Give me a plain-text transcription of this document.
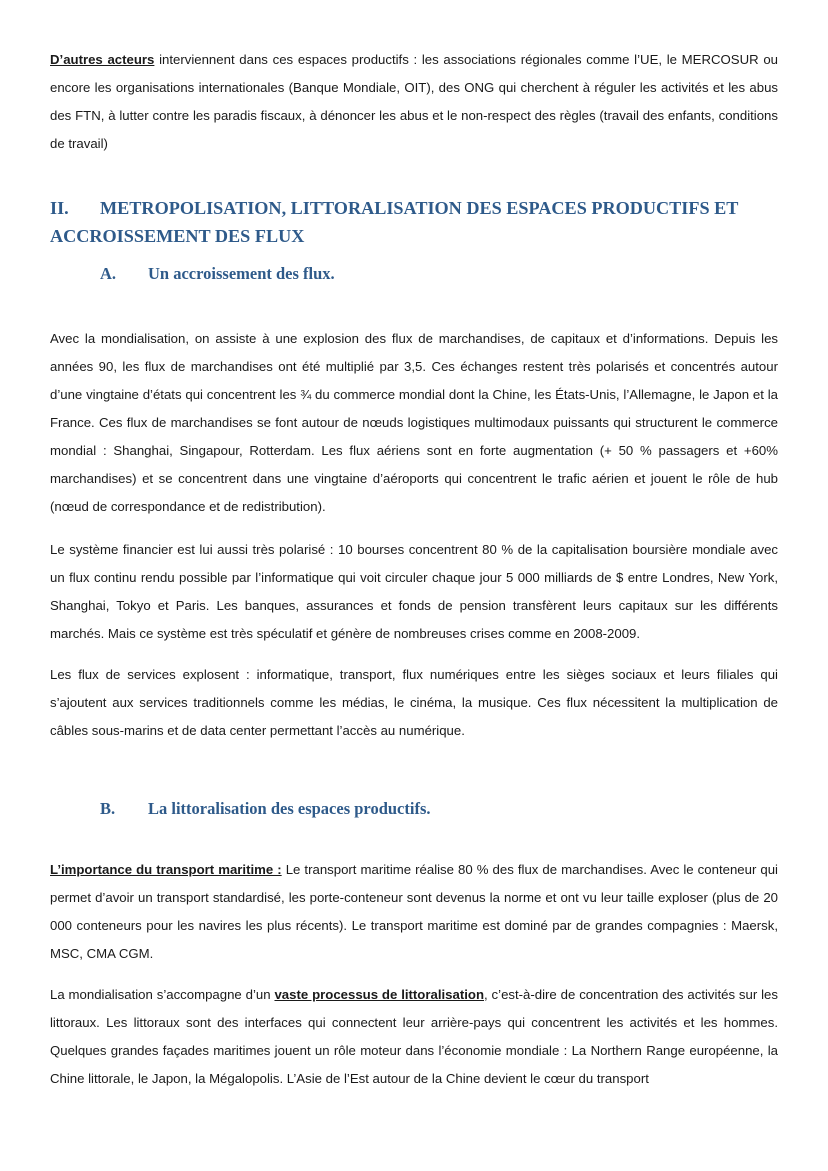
D’autres acteurs interviennent dans ces espaces productifs : les associations régionales comme l’UE, le MERCOSUR ou encore les organisations internationales (Banque Mondiale, OIT), des ONG qui cherchent à réguler les activités et les abus des FTN, à lutter contre les paradis fiscaux, à dénoncer les abus et le non-respect des règles (travail des enfants, conditions de travail)

II. METROPOLISATION, LITTORALISATION DES ESPACES PRODUCTIFS ET ACCROISSEMENT DES FLUX
A. Un accroissement des flux.

Avec la mondialisation, on assiste à une explosion des flux de marchandises, de capitaux et d’informations. Depuis les années 90, les flux de marchandises ont été multiplié par 3,5. Ces échanges restent très polarisés et concentrés autour d’une vingtaine d’états qui concentrent les ¾ du commerce mondial dont la Chine, les États-Unis, l’Allemagne, le Japon et la France. Ces flux de marchandises se font autour de nœuds logistiques multimodaux puissants qui structurent le commerce mondial : Shanghai, Singapour, Rotterdam. Les flux aériens sont en forte augmentation (+ 50 % passagers et +60% marchandises) et se concentrent dans une vingtaine d’aéroports qui concentrent le trafic aérien et jouent le rôle de hub (nœud de correspondance et de redistribution).

Le système financier est lui aussi très polarisé : 10 bourses concentrent 80 % de la capitalisation boursière mondiale avec un flux continu rendu possible par l’informatique qui voit circuler chaque jour 5 000 milliards de $ entre Londres, New York, Shanghai, Tokyo et Paris. Les banques, assurances et fonds de pension transfèrent leurs capitaux sur les différents marchés. Mais ce système est très spéculatif et génère de nombreuses crises comme en 2008-2009.

Les flux de services explosent : informatique, transport, flux numériques entre les sièges sociaux et leurs filiales qui s’ajoutent aux services traditionnels comme les médias, le cinéma, la musique. Ces flux nécessitent la multiplication de câbles sous-marins et de data center permettant l’accès au numérique.

B. La littoralisation des espaces productifs.

L’importance du transport maritime : Le transport maritime réalise 80 % des flux de marchandises. Avec le conteneur qui permet d’avoir un transport standardisé, les porte-conteneur sont devenus la norme et ont vu leur taille exploser (plus de 20 000 conteneurs pour les navires les plus récents). Le transport maritime est dominé par de grandes compagnies : Maersk, MSC, CMA CGM.

La mondialisation s’accompagne d’un vaste processus de littoralisation, c’est-à-dire de concentration des activités sur les littoraux. Les littoraux sont des interfaces qui connectent leur arrière-pays qui concentrent les activités et les hommes. Quelques grandes façades maritimes jouent un rôle moteur dans l’économie mondiale : La Northern Range européenne, la Chine littorale, le Japon, la Mégalopolis. L’Asie de l’Est autour de la Chine devient le cœur du transport
